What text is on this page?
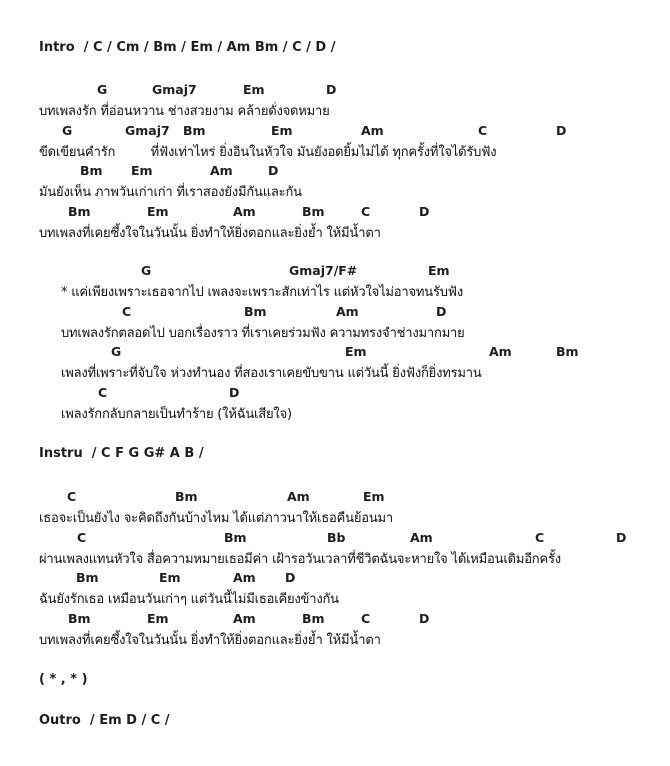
Intro  / C / Cm / Bm / Em / Am Bm / C / D /
G	Gmaj7	Em	D
บทเพลงรัก ที่อ่อนหวาน ช่างสวยงาม คล้ายดั่งจดหมาย
G	Gmaj7 Bm	Em	Am	C	D
ขีดเขียนคำรัก         ที่ฟังเท่าไหร่ ยิ่งอินในหัวใจ มันยังอดยิ้มไม่ได้ ทุกครั้งที่ใจได้รับฟัง
Bm Em	Am	D
มันยังเห็น ภาพวันเก่าเก่า ที่เราสองยังมีกันและกัน
Bm	Em	Am	Bm	C	D
บทเพลงที่เคยซึ้งใจในวันนั้น ยิ่งทำให้ยิ่งตอกและยิ่งย้ำ ให้มีน้ำตา
G	Gmaj7/F#	Em
* แค่เพียงเพราะเธอจากไป เพลงจะเพราะสักเท่าไร แต่หัวใจไม่อาจทนรับฟัง
C	Bm	Am	D
บทเพลงรักตลอดไป บอกเรื่องราว ที่เราเคยร่วมฟัง ความทรงจำช่างมากมาย
G	Em	Am	Bm
เพลงที่เพราะที่จับใจ ห่วงทำนอง ที่สองเราเคยขับขาน แต่วันนี้ ยิ่งฟังก็ยิ่งทรมาน
C	D
เพลงรักกลับกลายเป็นทำร้าย (ให้ฉันเสียใจ)
Instru  / C F G G# A B /
C	Bm	Am	Em
เธอจะเป็นยังไง จะคิดถึงกันบ้างไหม ได้แต่ภาวนาให้เธอคืนย้อนมา
C	Bm	Bb	Am	C	D
ผ่านเพลงแทนหัวใจ สื่อความหมายเธอมีค่า เฝ้ารอวันเวลาที่ชีวิตฉันจะหายใจ ได้เหมือนเดิมอีกครั้ง
Bm	Em	Am D
ฉันยังรักเธอ เหมือนวันเก่าๆ แต่วันนี้ไม่มีเธอเคียงข้างกัน
Bm	Em	Am	Bm	C	D
บทเพลงที่เคยซึ้งใจในวันนั้น ยิ่งทำให้ยิ่งตอกและยิ่งย้ำ ให้มีน้ำตา
( * , * )
Outro  / Em D / C /
